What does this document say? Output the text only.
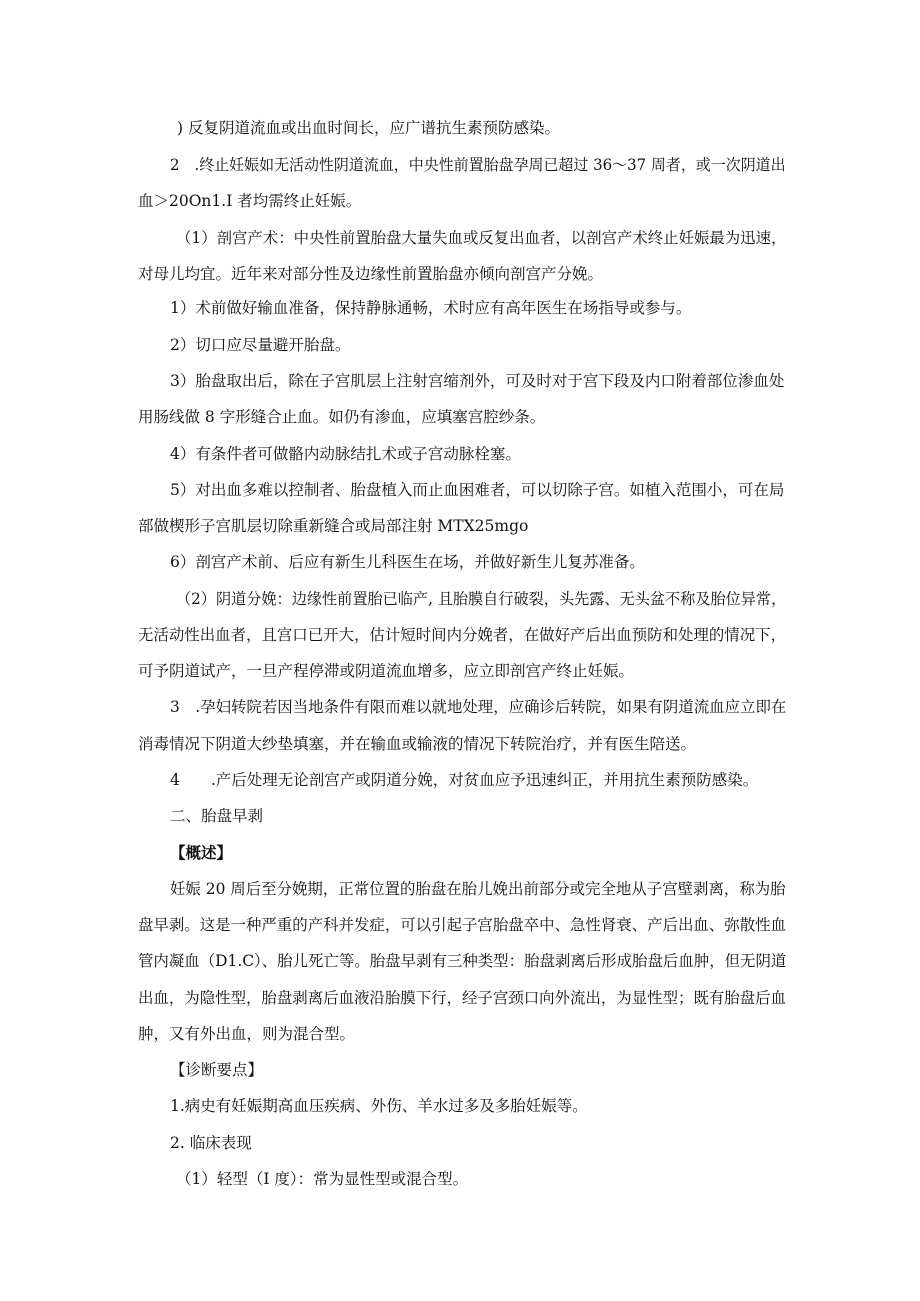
) 反复阴道流血或出血时间长，应广谱抗生素预防感染。

2　.终止妊娠如无活动性阴道流血，中央性前置胎盘孕周已超过 36～37 周者，或一次阴道出

血＞20On1.I 者均需终止妊娠。

（1）剖宫产术：中央性前置胎盘大量失血或反复出血者，以剖宫产术终止妊娠最为迅速，

对母儿均宜。近年来对部分性及边缘性前置胎盘亦倾向剖宫产分娩。

1）术前做好输血准备，保持静脉通畅，术时应有高年医生在场指导或参与。

2）切口应尽量避开胎盘。

3）胎盘取出后，除在子宫肌层上注射宫缩剂外，可及时对于宫下段及内口附着部位渗血处

用肠线做 8 字形缝合止血。如仍有渗血，应填塞宫腔纱条。

4）有条件者可做骼内动脉结扎术或子宫动脉栓塞。

5）对出血多难以控制者、胎盘植入而止血困难者，可以切除子宫。如植入范围小，可在局

部做楔形子宫肌层切除重新缝合或局部注射 MTX25mgo

6）剖宫产术前、后应有新生儿科医生在场，并做好新生儿复苏准备。

（2）阴道分娩：边缘性前置胎已临产, 且胎膜自行破裂，头先露、无头盆不称及胎位异常，

无活动性出血者，且宫口已开大，估计短时间内分娩者，在做好产后出血预防和处理的情况下，

可予阴道试产，一旦产程停滞或阴道流血增多，应立即剖宫产终止妊娠。

3　.孕妇转院若因当地条件有限而难以就地处理，应确诊后转院，如果有阴道流血应立即在

消毒情况下阴道大纱垫填塞，并在输血或输液的情况下转院治疗，并有医生陪送。

4　　.产后处理无论剖宫产或阴道分娩，对贫血应予迅速纠正，并用抗生素预防感染。

二、胎盘早剥

【概述】

妊娠 20 周后至分娩期，正常位置的胎盘在胎儿娩出前部分或完全地从子宫壁剥离，称为胎

盘早剥。这是一种严重的产科并发症，可以引起子宫胎盘卒中、急性肾衰、产后出血、弥散性血

管内凝血（D1.C）、胎儿死亡等。胎盘早剥有三种类型：胎盘剥离后形成胎盘后血肿，但无阴道

出血，为隐性型，胎盘剥离后血液沿胎膜下行，经子宫颈口向外流出，为显性型；既有胎盘后血

肿，又有外出血，则为混合型。

【诊断要点】

1.病史有妊娠期高血压疾病、外伤、羊水过多及多胎妊娠等。

2. 临床表现

（1）轻型（I 度）：常为显性型或混合型。
